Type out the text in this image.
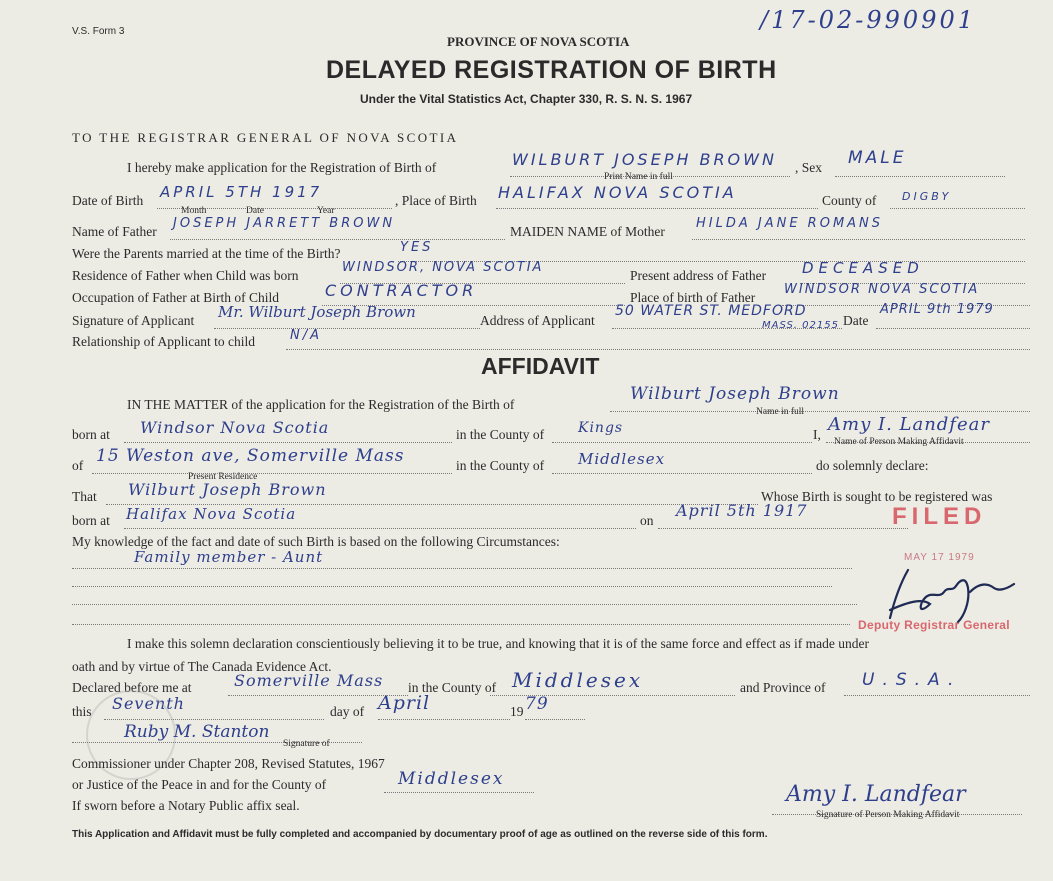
V.S. Form 3	/17-02-990901
PROVINCE OF NOVA SCOTIA
DELAYED REGISTRATION OF BIRTH
Under the Vital Statistics Act, Chapter 330, R. S. N. S. 1967
TO THE REGISTRAR GENERAL OF NOVA SCOTIA
I hereby make application for the Registration of Birth of	WILBURT JOSEPH BROWN
Print Name in full
, Sex MALE
Date of Birth APRIL 5TH 1917
Month	Date	Year
, Place of Birth HALIFAX NOVA SCOTIA	County of DIGBY
Name of Father
JOSEPH JARRETT BROWN
MAIDEN NAME of Mother
HILDA JANE ROMANS
Were the Parents married at the time of the Birth?	YES
Residence of Father when Child was born
WINDSOR, NOVA SCOTIA
Present address of Father DECEASED
Occupation of Father at Birth of Child	CONTRACTOR	Place of birth of Father
WINDSOR NOVA SCOTIA
Signature of Applicant Mr. Wilburt Joseph Brown	Address of Applicant
50 WATER ST. MEDFORD
MASS. 02155 Date
APRIL 9th 1979
Relationship of Applicant to child	N/A
AFFIDAVIT
IN THE MATTER of the application for the Registration of the Birth of
Wilburt Joseph Brown
Name in full
born at Windsor Nova Scotia	in the County of Kings	I, Amy I. Landfear
Name of Person Making Affidavit
of 15 Weston ave, Somerville Mass
Present Residence
in the County of Middlesex	do solemnly declare:
That Wilburt Joseph Brown	Whose Birth is sought to be registered was
born at Halifax Nova Scotia	on
April 5th 1917
My knowledge of the fact and date of such Birth is based on the following Circumstances:
Family member - Aunt
FILED
MAY 17 1979
Deputy Registrar General
I make this solemn declaration conscientiously believing it to be true, and knowing that it is of the same force and effect as if made under
oath and by virtue of The Canada Evidence Act.
Declared before me at	Somerville Mass in the County of Middlesex	and Province of U.S.A.
this Seventh	day of April	19 79
Ruby M. Stanton
Signature of
Commissioner under Chapter 208, Revised Statutes, 1967
or Justice of the Peace in and for the County of	Middlesex
If sworn before a Notary Public affix seal.	Amy I. Landfear
Signature of Person Making Affidavit
This Application and Affidavit must be fully completed and accompanied by documentary proof of age as outlined on the reverse side of this form.
